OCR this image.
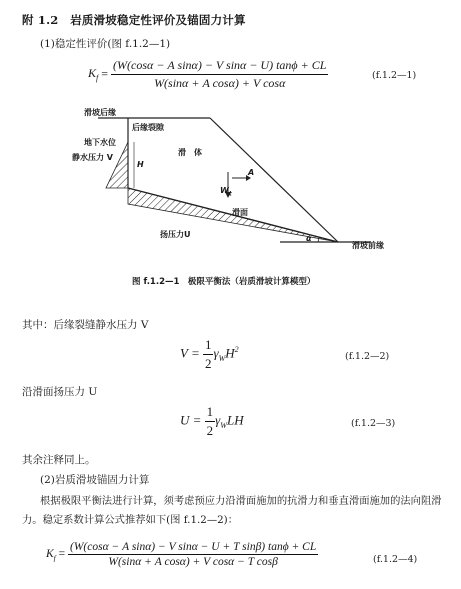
附 1.2　岩质滑坡稳定性评价及锚固力计算
(1)稳定性评价(图 f.1.2—1)
$K_f = \frac{\text{(W(cosα − A sinα) − V sinα − U) tanϕ + CL}}{\text{W(sinα + A cosα) + V cosα}}$	(f.1.2—1)
滑坡后缘
后缘裂隙
地下水位
静水压力 V
H
滑　体
$W_t$
A
滑面
扬压力U	α
滑坡前缘
图 f.1.2—1　极限平衡法（岩质滑坡计算模型）
其中：后缘裂缝静水压力 V
$V = \frac{1}{2} \gamma_WH^2$
(f.1.2—2)
沿滑面扬压力 U
$U = \frac{1}{2} \gamma_WLH$	(f.1.2—3)
其余注释同上。
(2)岩质滑坡锚固力计算
根据极限平衡法进行计算，须考虑预应力沿滑面施加的抗滑力和垂直滑面施加的法向阻滑
力。稳定系数计算公式推荐如下(图 f.1.2—2)：
$K_f = \frac{\text{(W(cosα − A sinα) − V sinα − U + T sinβ) tanϕ + CL}}{\text{W(sinα + A cosα) + V cosα − T cosβ}}$	(f.1.2—4)
